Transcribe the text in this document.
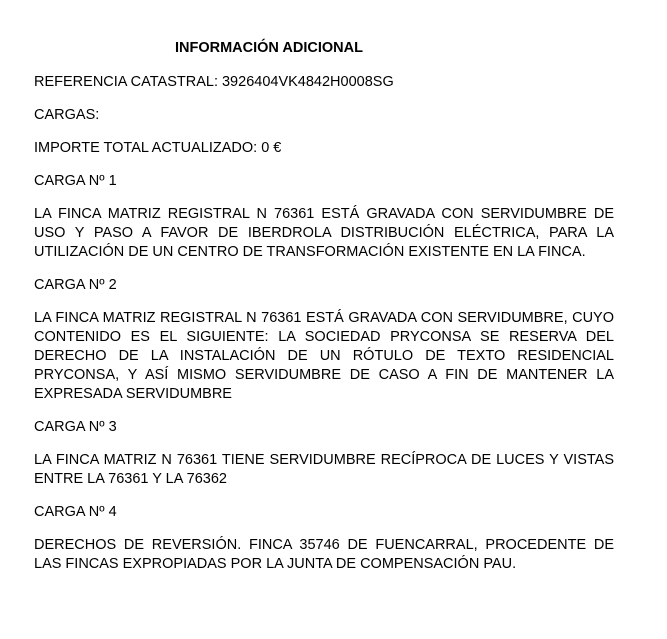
INFORMACIÓN ADICIONAL
REFERENCIA CATASTRAL: 3926404VK4842H0008SG
CARGAS:
IMPORTE TOTAL ACTUALIZADO: 0 €
CARGA Nº 1
LA FINCA MATRIZ REGISTRAL N 76361 ESTÁ GRAVADA CON SERVIDUMBRE DE USO Y PASO A FAVOR DE IBERDROLA DISTRIBUCIÓN ELÉCTRICA, PARA LA UTILIZACIÓN DE UN CENTRO DE TRANSFORMACIÓN EXISTENTE EN LA FINCA.
CARGA Nº 2
LA FINCA MATRIZ REGISTRAL N 76361 ESTÁ GRAVADA CON SERVIDUMBRE, CUYO CONTENIDO ES EL SIGUIENTE: LA SOCIEDAD PRYCONSA SE RESERVA DEL DERECHO DE LA INSTALACIÓN DE UN RÓTULO DE TEXTO RESIDENCIAL PRYCONSA, Y ASÍ MISMO SERVIDUMBRE DE CASO A FIN DE MANTENER LA EXPRESADA SERVIDUMBRE
CARGA Nº 3
LA FINCA MATRIZ N 76361 TIENE SERVIDUMBRE RECÍPROCA DE LUCES Y VISTAS ENTRE LA 76361 Y LA 76362
CARGA Nº 4
DERECHOS DE REVERSIÓN. FINCA 35746 DE FUENCARRAL, PROCEDENTE DE LAS FINCAS EXPROPIADAS POR LA JUNTA DE COMPENSACIÓN PAU.
